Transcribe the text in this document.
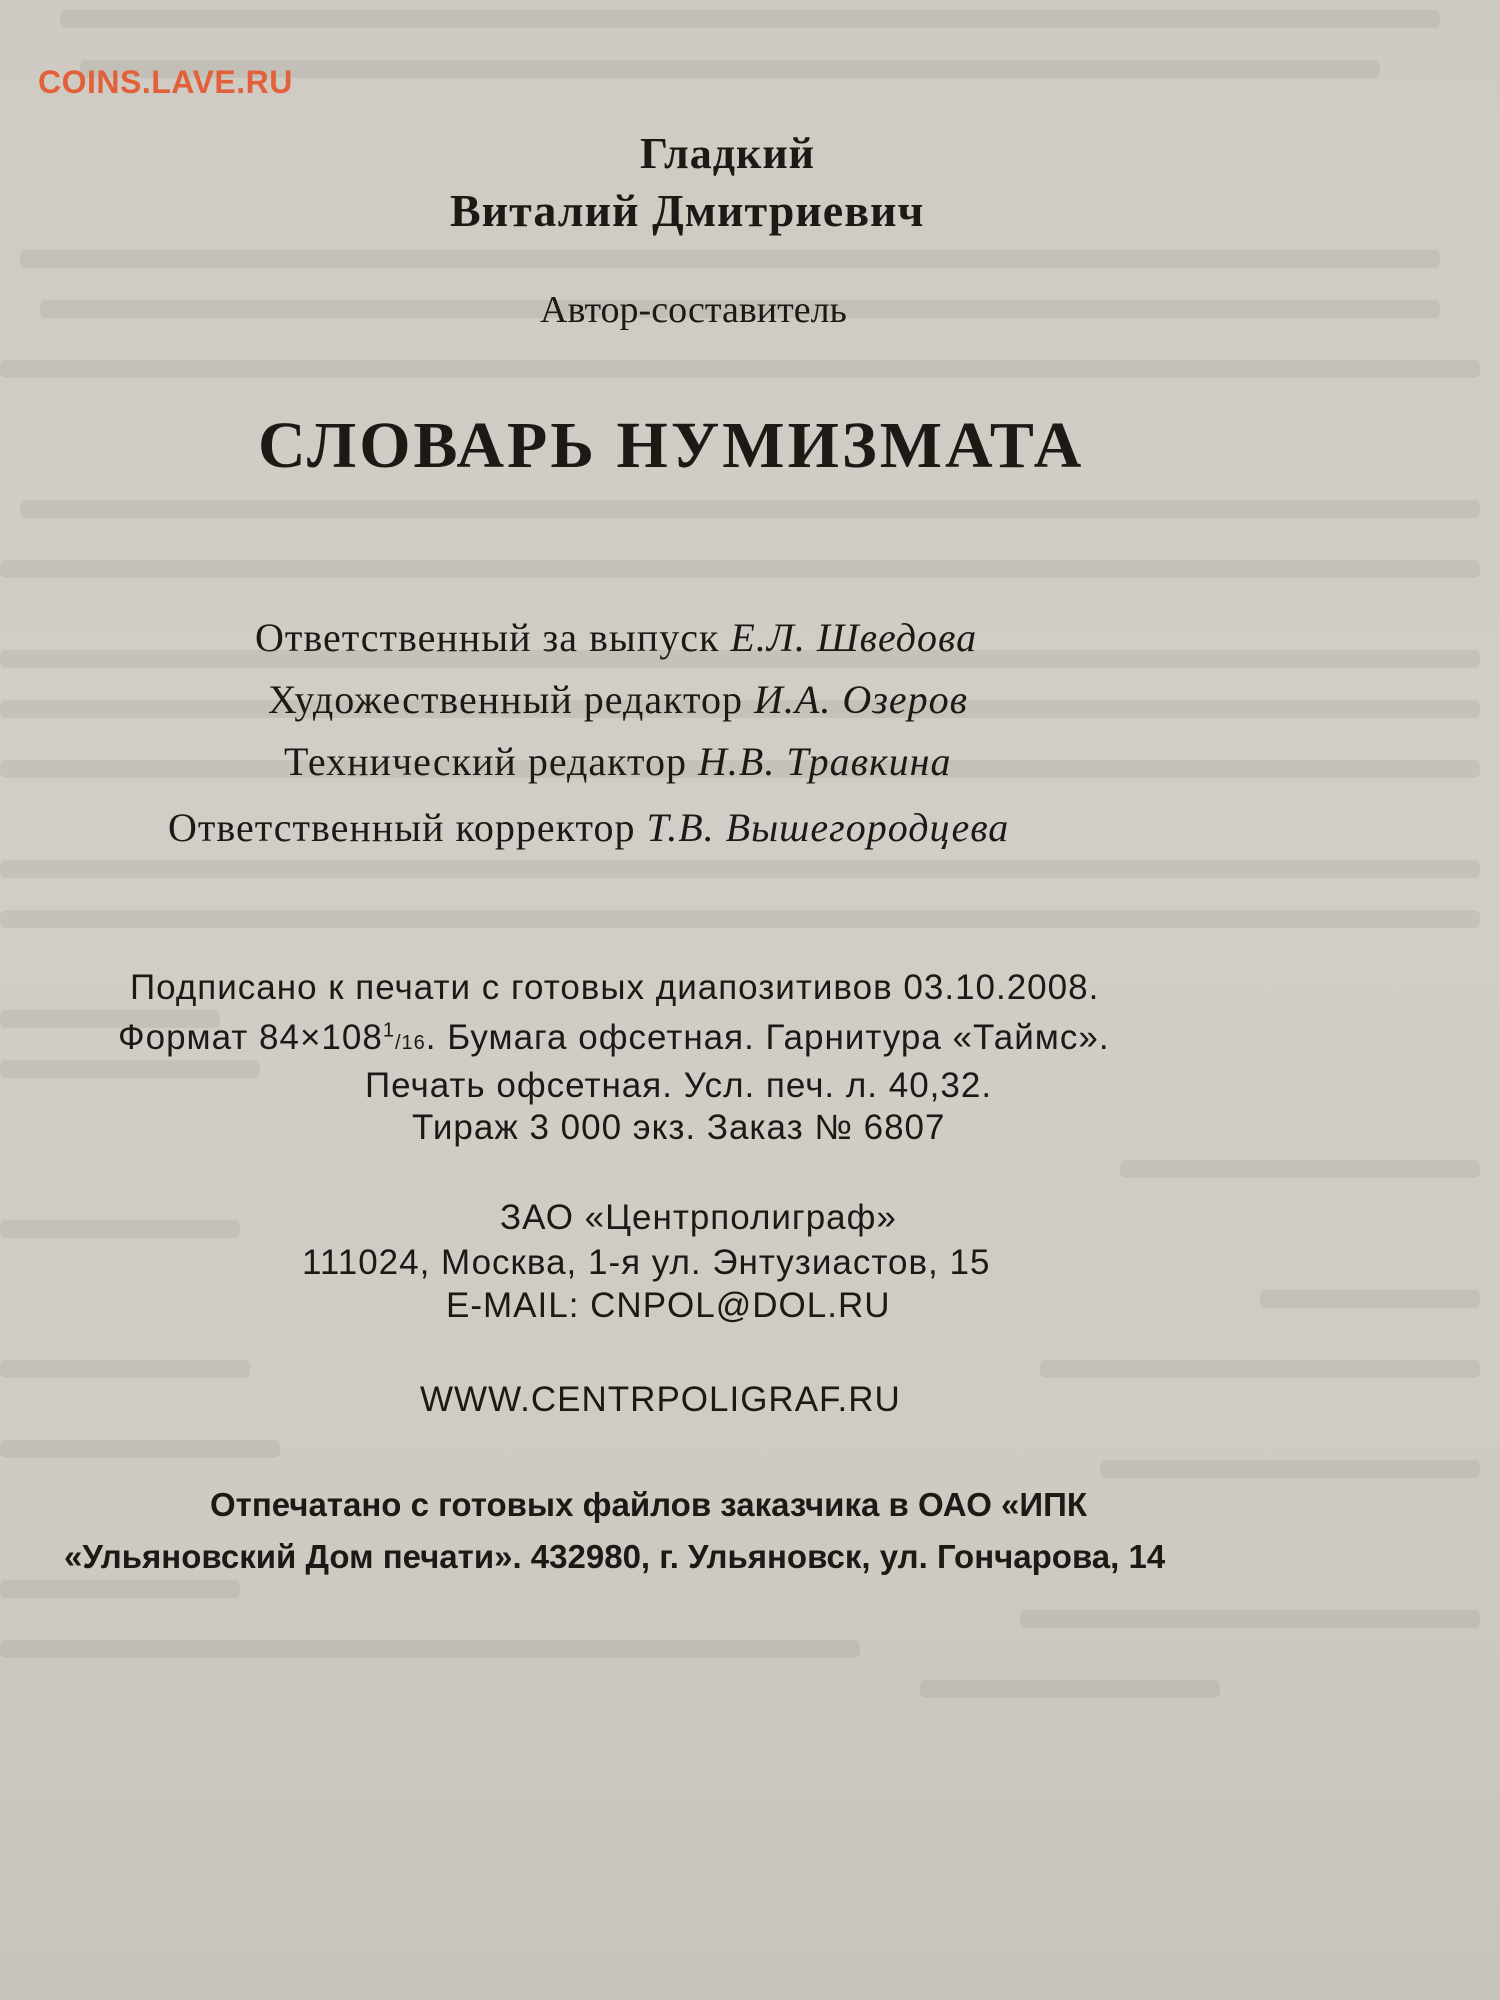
COINS.LAVE.RU
Гладкий
Виталий Дмитриевич
Автор-составитель
СЛОВАРЬ НУМИЗМАТА
Ответственный за выпуск Е.Л. Шведова
Художественный редактор И.А. Озеров
Технический редактор Н.В. Травкина
Ответственный корректор Т.В. Вышегородцева
Подписано к печати с готовых диапозитивов 03.10.2008.
Формат $84\times 108^1/16$. Бумага офсетная. Гарнитура «Таймс».
Печать офсетная. Усл. печ. л. 40,32.
Тираж 3 000 экз. Заказ № 6807
ЗАО «Центрполиграф»
111024, Москва, 1-я ул. Энтузиастов, 15
E-MAIL: CNPOL@DOL.RU
WWW.CENTRPOLIGRAF.RU
Отпечатано с готовых файлов заказчика в ОАО «ИПК
«Ульяновский Дом печати». 432980, г. Ульяновск, ул. Гончарова, 14
